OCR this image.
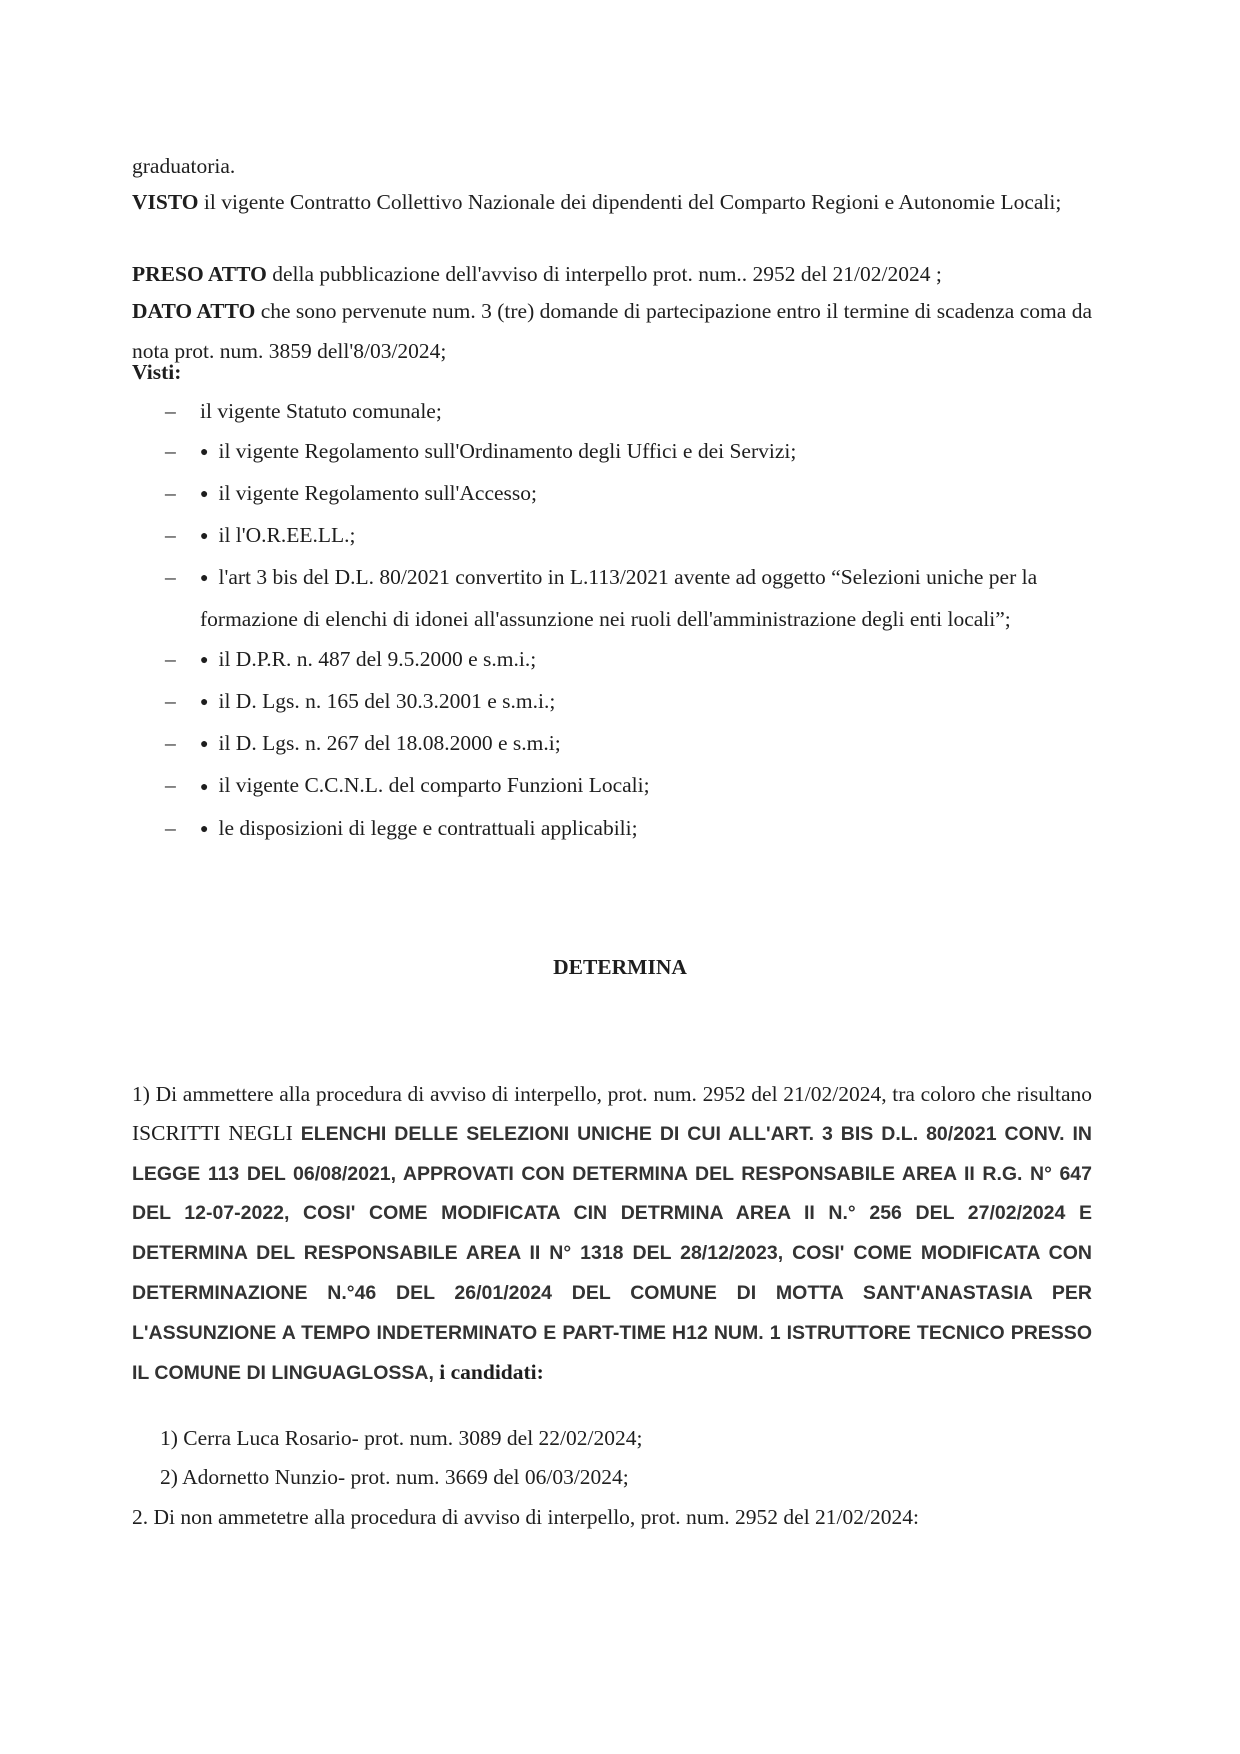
graduatoria.
VISTO il vigente Contratto Collettivo Nazionale dei dipendenti del Comparto Regioni e Autonomie Locali;
PRESO ATTO della pubblicazione dell'avviso di interpello prot. num.. 2952 del 21/02/2024 ;
DATO ATTO che sono pervenute num. 3 (tre) domande di partecipazione entro il termine di scadenza coma da nota prot. num. 3859 dell'8/03/2024;
Visti:
– il vigente Statuto comunale;
– ● il vigente Regolamento sull'Ordinamento degli Uffici e dei Servizi;
– ● il vigente Regolamento sull'Accesso;
– ● il l'O.R.EE.LL.;
– ● l'art 3 bis del D.L. 80/2021 convertito in L.113/2021 avente ad oggetto “Selezioni uniche per la formazione di elenchi di idonei all'assunzione nei ruoli dell'amministrazione degli enti locali”;
– ● il D.P.R. n. 487 del 9.5.2000 e s.m.i.;
– ● il D. Lgs. n. 165 del 30.3.2001 e s.m.i.;
– ● il D. Lgs. n. 267 del 18.08.2000 e s.m.i;
– ● il vigente C.C.N.L. del comparto Funzioni Locali;
– ● le disposizioni di legge e contrattuali applicabili;
DETERMINA
1) Di ammettere alla procedura di avviso di interpello, prot. num. 2952 del 21/02/2024, tra coloro che risultano ISCRITTI NEGLI ELENCHI DELLE SELEZIONI UNICHE DI CUI ALL'ART. 3 BIS D.L. 80/2021 CONV. IN LEGGE 113 DEL 06/08/2021, APPROVATI CON DETERMINA DEL RESPONSABILE AREA II R.G. N° 647 DEL 12-07-2022, COSI' COME MODIFICATA CIN DETRMINA AREA II N.° 256 DEL 27/02/2024 E DETERMINA DEL RESPONSABILE AREA II N° 1318 DEL 28/12/2023, COSI' COME MODIFICATA CON DETERMINAZIONE N.°46 DEL 26/01/2024 DEL COMUNE DI MOTTA SANT'ANASTASIA PER L'ASSUNZIONE A TEMPO INDETERMINATO E PART-TIME H12 NUM. 1 ISTRUTTORE TECNICO PRESSO IL COMUNE DI LINGUAGLOSSA, i candidati:
1) Cerra Luca Rosario- prot. num. 3089 del 22/02/2024;
2) Adornetto Nunzio- prot. num. 3669 del 06/03/2024;
2. Di non ammetetre alla procedura di avviso di interpello, prot. num. 2952 del 21/02/2024:
